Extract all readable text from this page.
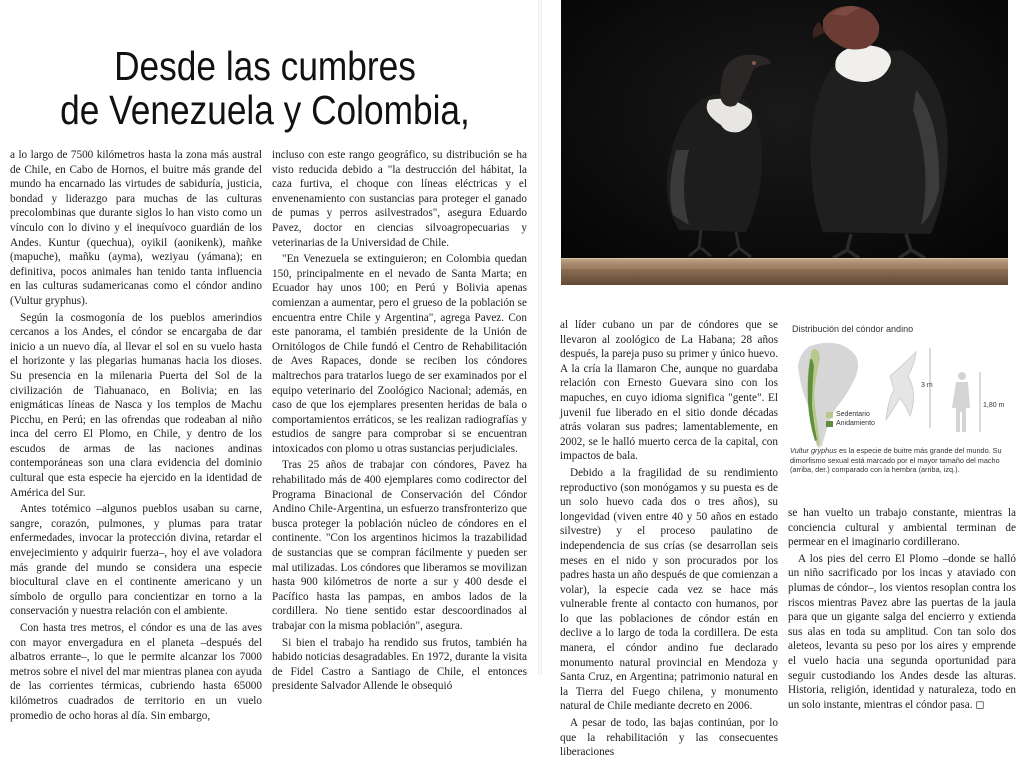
Desde las cumbres
de Venezuela y Colombia,

a lo largo de 7500 kilómetros hasta la zona más austral de Chile, en Cabo de Hornos, el buitre más grande del mundo ha encarnado las virtudes de sabiduría, justicia, bondad y liderazgo para muchas de las culturas precolombinas que durante siglos lo han visto como un vínculo con lo divino y el inequívoco guardián de los Andes. Kuntur (quechua), oyikil (aonikenk), mañke (mapuche), mañku (ayma), weziyau (yámana); en definitiva, pocos animales han tenido tanta influencia en las culturas sudamericanas como el cóndor andino (Vultur gryphus).

Según la cosmogonía de los pueblos amerindios cercanos a los Andes, el cóndor se encargaba de dar inicio a un nuevo día, al llevar el sol en su vuelo hasta el horizonte y las plegarias humanas hacia los dioses. Su presencia en la milenaria Puerta del Sol de la civilización de Tiahuanaco, en Bolivia; en las enigmáticas líneas de Nasca y los templos de Machu Picchu, en Perú; en las ofrendas que rodeaban al niño inca del cerro El Plomo, en Chile, y dentro de los escudos de armas de las naciones andinas contemporáneas son una clara evidencia del dominio cultural que esta especie ha ejercido en la identidad de América del Sur.

Antes totémico –algunos pueblos usaban su carne, sangre, corazón, pulmones, y plumas para tratar enfermedades, invocar la protección divina, retardar el envejecimiento y adquirir fuerza–, hoy el ave voladora más grande del mundo se considera una especie biocultural clave en el continente americano y un símbolo de orgullo para concientizar en torno a la conservación y nuestra relación con el ambiente.

Con hasta tres metros, el cóndor es una de las aves con mayor envergadura en el planeta –después del albatros errante–, lo que le permite alcanzar los 7000 metros sobre el nivel del mar mientras planea con ayuda de las corrientes térmicas, cubriendo hasta 65000 kilómetros cuadrados de territorio en un vuelo promedio de ocho horas al día. Sin embargo,

incluso con este rango geográfico, su distribución se ha visto reducida debido a "la destrucción del hábitat, la caza furtiva, el choque con líneas eléctricas y el envenenamiento con sustancias para proteger el ganado de pumas y perros asilvestrados", asegura Eduardo Pavez, doctor en ciencias silvoagropecuarias y veterinarias de la Universidad de Chile.

"En Venezuela se extinguieron; en Colombia quedan 150, principalmente en el nevado de Santa Marta; en Ecuador hay unos 100; en Perú y Bolivia apenas comienzan a aumentar, pero el grueso de la población se encuentra entre Chile y Argentina", agrega Pavez. Con este panorama, el también presidente de la Unión de Ornitólogos de Chile fundó el Centro de Rehabilitación de Aves Rapaces, donde se reciben los cóndores maltrechos para tratarlos luego de ser examinados por el equipo veterinario del Zoológico Nacional; además, en caso de que los ejemplares presenten heridas de bala o comportamientos erráticos, se les realizan radiografías y estudios de sangre para comprobar si se encuentran intoxicados con plomo u otras sustancias perjudiciales.

Tras 25 años de trabajar con cóndores, Pavez ha rehabilitado más de 400 ejemplares como codirector del Programa Binacional de Conservación del Cóndor Andino Chile-Argentina, un esfuerzo transfronterizo que busca proteger la población núcleo de cóndores en el continente. "Con los argentinos hicimos la trazabilidad de sustancias que se compran fácilmente y pueden ser mal utilizadas. Los cóndores que liberamos se movilizan hasta 900 kilómetros de norte a sur y 400 desde el Pacífico hasta las pampas, en ambos lados de la cordillera. No tiene sentido estar descoordinados al trabajar con la misma población", asegura.

Si bien el trabajo ha rendido sus frutos, también ha habido noticias desagradables. En 1972, durante la visita de Fidel Castro a Santiago de Chile, el entonces presidente Salvador Allende le obsequió

al líder cubano un par de cóndores que se llevaron al zoológico de La Habana; 28 años después, la pareja puso su primer y único huevo. A la cría la llamaron Che, aunque no guardaba relación con Ernesto Guevara sino con los mapuches, en cuyo idioma significa "gente". El juvenil fue liberado en el sitio donde décadas atrás volaran sus padres; lamentablemente, en 2002, se le halló muerto cerca de la capital, con impactos de bala.

Debido a la fragilidad de su rendimiento reproductivo (son monógamos y su puesta es de un solo huevo cada dos o tres años), su longevidad (viven entre 40 y 50 años en estado silvestre) y el proceso paulatino de independencia de sus crías (se desarrollan seis meses en el nido y son procurados por los padres hasta un año después de que comienzan a volar), la especie cada vez se hace más vulnerable frente al contacto con humanos, por lo que las poblaciones de cóndor están en declive a lo largo de toda la cordillera. De esta manera, el cóndor andino fue declarado monumento natural provincial en Mendoza y Santa Cruz, en Argentina; patrimonio natural en la Tierra del Fuego chilena, y monumento natural de Chile mediante decreto en 2006.

A pesar de todo, las bajas continúan, por lo que la rehabilitación y las consecuentes liberaciones

Distribución del cóndor andino
3 m
1,80 m
Sedentario
Anidamiento
Vultur gryphus es la especie de buitre más grande del mundo. Su dimorfismo sexual está marcado por el mayor tamaño del macho (arriba, der.) comparado con la hembra (arriba, izq.).

se han vuelto un trabajo constante, mientras la conciencia cultural y ambiental terminan de permear en el imaginario cordillerano.

A los pies del cerro El Plomo –donde se halló un niño sacrificado por los incas y ataviado con plumas de cóndor–, los vientos resoplan contra los riscos mientras Pavez abre las puertas de la jaula para que un gigante salga del encierro y extienda sus alas en toda su amplitud. Con tan solo dos aleteos, levanta su peso por los aires y emprende el vuelo hacia una segunda oportunidad para seguir custodiando los Andes desde las alturas. Historia, religión, identidad y naturaleza, todo en un solo instante, mientras el cóndor pasa. ◻
